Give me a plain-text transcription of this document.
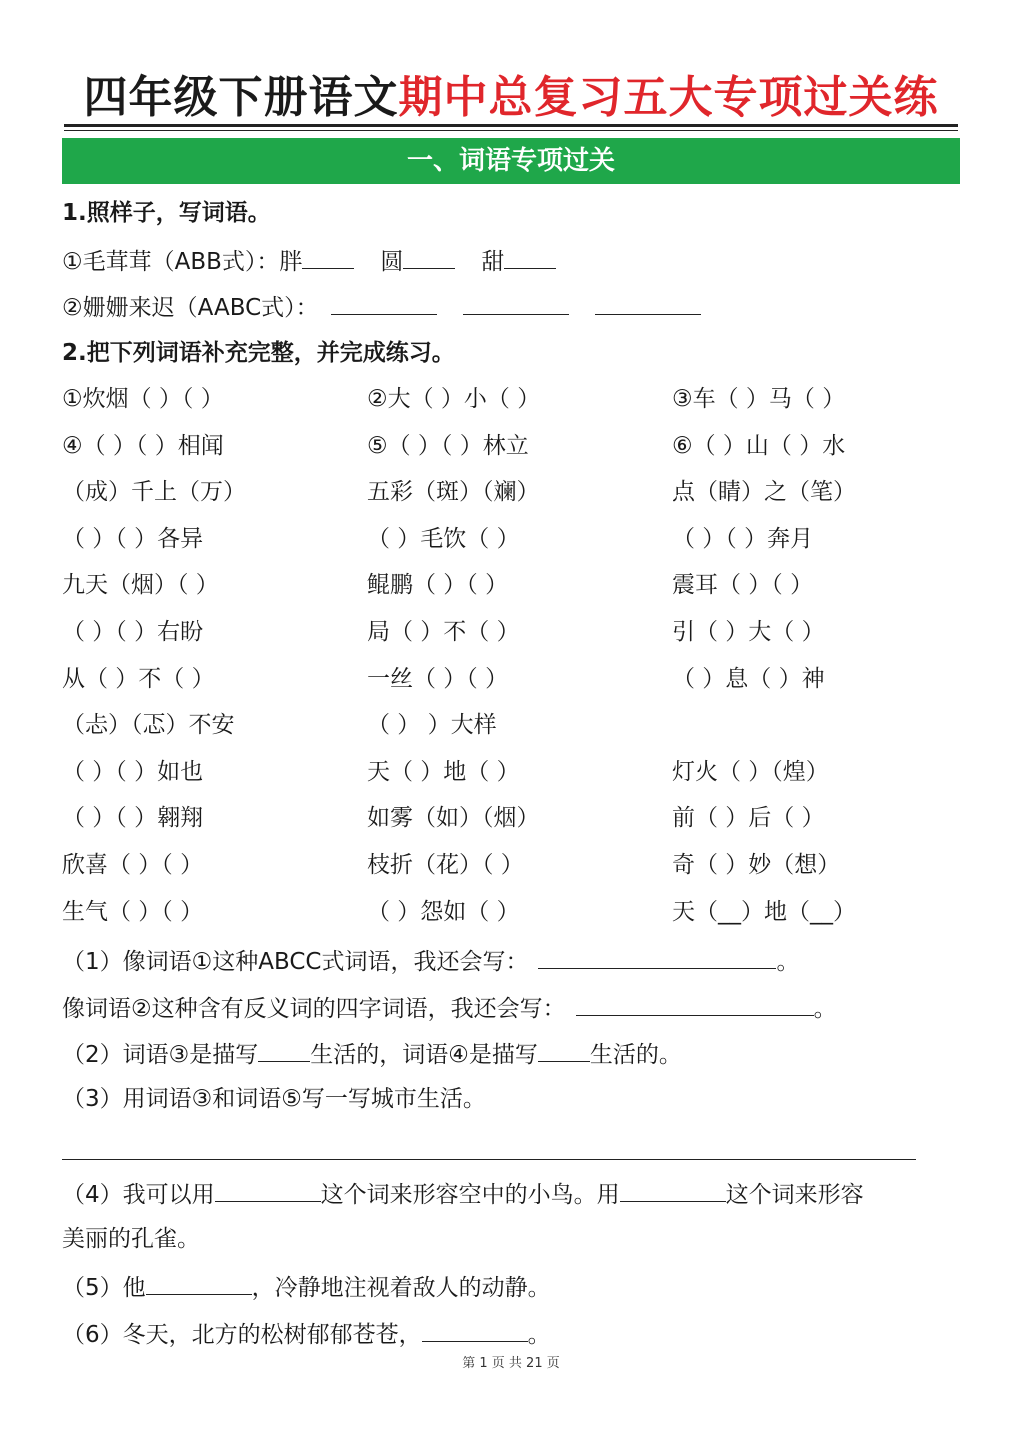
四年级下册语文期中总复习五大专项过关练
一、词语专项过关
1.照样子，写词语。
①毛茸茸（ABB式）：胖	圆	甜
②姗姗来迟（AABC式）：
2.把下列词语补充完整，并完成练习。
①炊烟（ ）（ ）	②大（ ）小（ ）	③车（ ）马（ ）
④（ ）（ ）相闻	⑤（ ）（ ）林立	⑥（ ）山（ ）水
（成）千上（万）	五彩（斑）（斓）	点（睛）之（笔）
（ ）（ ）各异	（ ）毛饮（ ）	（ ）（ ）奔月
九天（烟）（ ）	鲲鹏（ ）（ ）	震耳（ ）（ ）
（ ）（ ）右盼	局（ ）不（ ）	引（ ）大（ ）
从（ ）不（ ）	一丝（ ）（ ）	（ ）息（ ）神
（忐）（忑）不安	（ ） ）大样
（ ）（ ）如也	天（ ）地（ ）	灯火（ ）（煌）
（ ）（ ）翱翔	如雾（如）（烟）	前（ ）后（ ）
欣喜（ ）（ ）	枝折（花）（ ）	奇（ ）妙（想）
生气（ ）（ ）	（ ）怨如（ ）	天（__）地（__）
（1）像词语①这种ABCC式词语，我还会写：	。
像词语②这种含有反义词的四字词语，我还会写：	。
（2）词语③是描写 生活的，词语④是描写 生活的。
（3）用词语③和词语⑤写一写城市生活。
（4）我可以用	这个词来形容空中的小鸟。用	这个词来形容
美丽的孔雀。
（5）他	，冷静地注视着敌人的动静。
（6）冬天，北方的松树郁郁苍苍，	。
第 1 页 共 21 页
